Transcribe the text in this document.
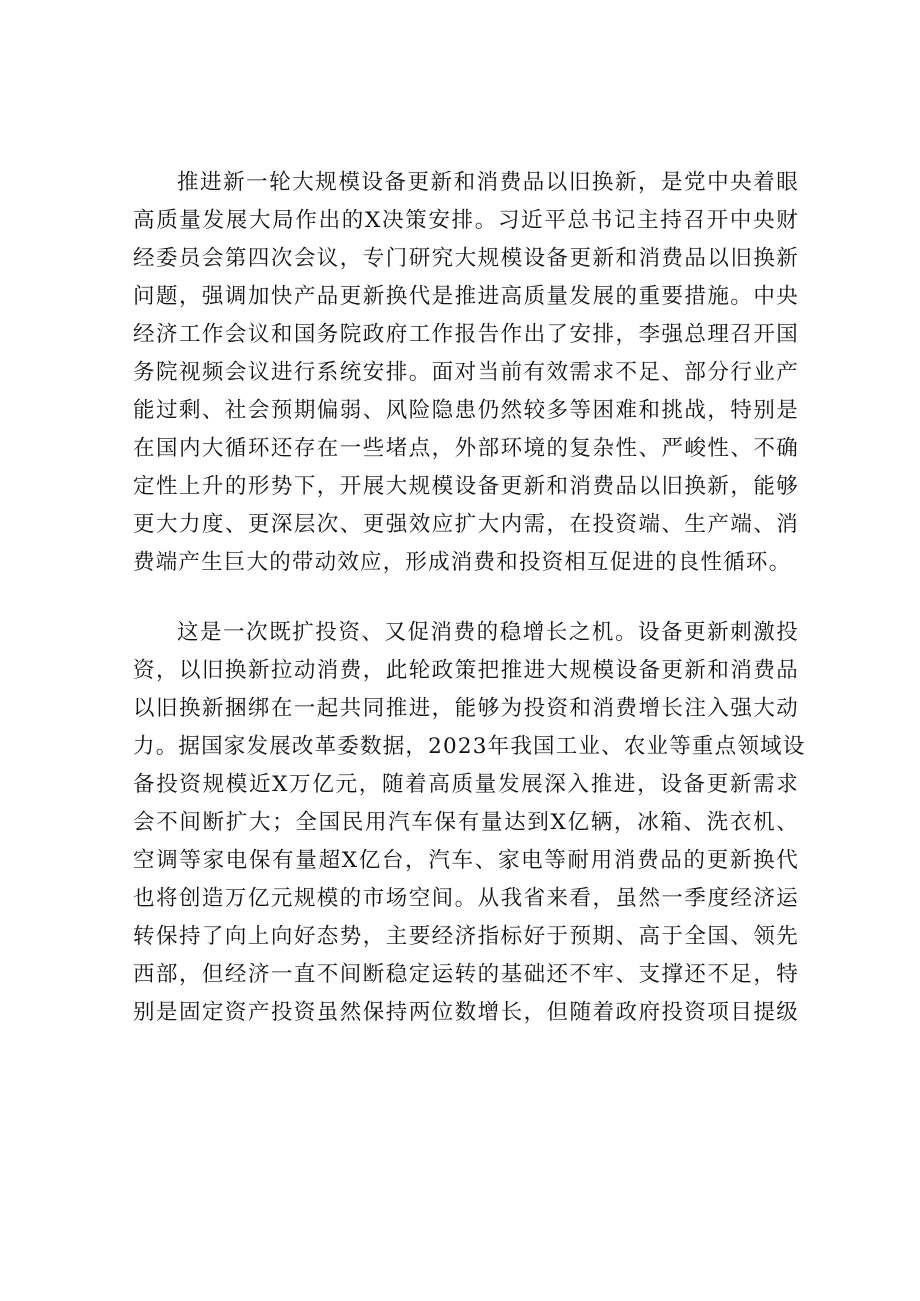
推进新一轮大规模设备更新和消费品以旧换新，是党中央着眼
高质量发展大局作出的X决策安排。习近平总书记主持召开中央财
经委员会第四次会议，专门研究大规模设备更新和消费品以旧换新
问题，强调加快产品更新换代是推进高质量发展的重要措施。中央
经济工作会议和国务院政府工作报告作出了安排，李强总理召开国
务院视频会议进行系统安排。面对当前有效需求不足、部分行业产
能过剩、社会预期偏弱、风险隐患仍然较多等困难和挑战，特别是
在国内大循环还存在一些堵点，外部环境的复杂性、严峻性、不确
定性上升的形势下，开展大规模设备更新和消费品以旧换新，能够
更大力度、更深层次、更强效应扩大内需，在投资端、生产端、消
费端产生巨大的带动效应，形成消费和投资相互促进的良性循环。
这是一次既扩投资、又促消费的稳增长之机。设备更新刺激投
资，以旧换新拉动消费，此轮政策把推进大规模设备更新和消费品
以旧换新捆绑在一起共同推进，能够为投资和消费增长注入强大动
力。据国家发展改革委数据，2023年我国工业、农业等重点领域设
备投资规模近X万亿元，随着高质量发展深入推进，设备更新需求
会不间断扩大；全国民用汽车保有量达到X亿辆，冰箱、洗衣机、
空调等家电保有量超X亿台，汽车、家电等耐用消费品的更新换代
也将创造万亿元规模的市场空间。从我省来看，虽然一季度经济运
转保持了向上向好态势，主要经济指标好于预期、高于全国、领先
西部，但经济一直不间断稳定运转的基础还不牢、支撑还不足，特
别是固定资产投资虽然保持两位数增长，但随着政府投资项目提级
